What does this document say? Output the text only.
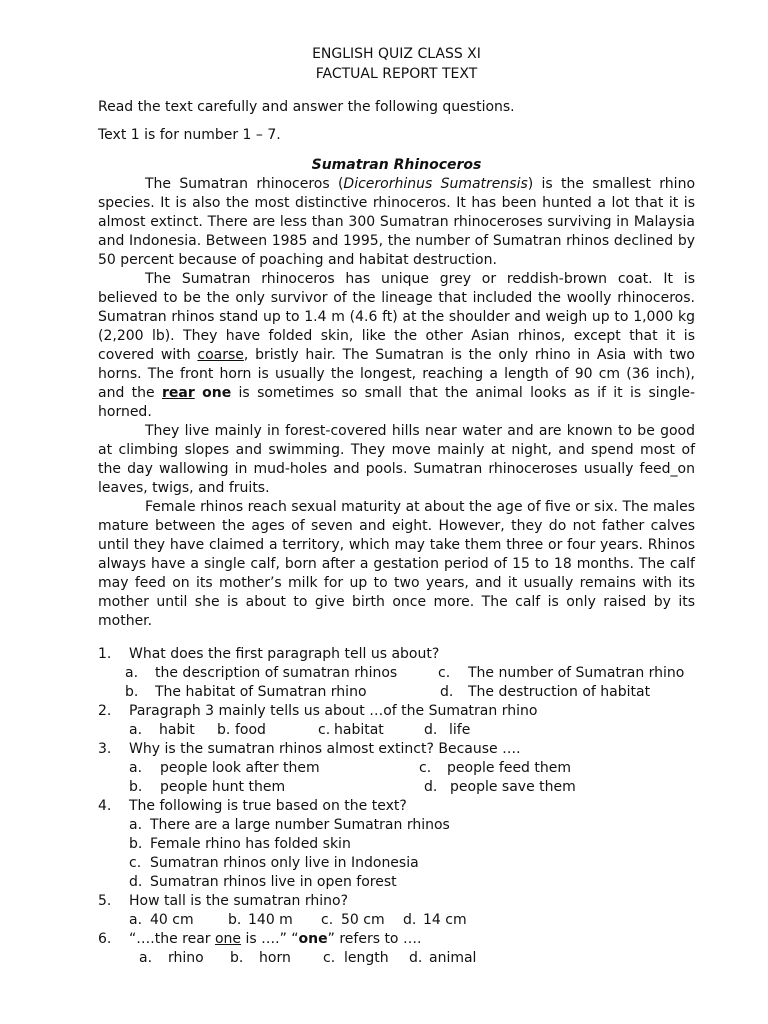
ENGLISH QUIZ CLASS XI
FACTUAL REPORT TEXT

Read the text carefully and answer the following questions.

Text 1 is for number 1 – 7.

Sumatran Rhinoceros

The Sumatran rhinoceros (Dicerorhinus Sumatrensis) is the smallest rhino species. It is also the most distinctive rhinoceros. It has been hunted a lot that it is almost extinct. There are less than 300 Sumatran rhinoceroses surviving in Malaysia and Indonesia. Between 1985 and 1995, the number of Sumatran rhinos declined by 50 percent because of poaching and habitat destruction.

The Sumatran rhinoceros has unique grey or reddish-brown coat. It is believed to be the only survivor of the lineage that included the woolly rhinoceros. Sumatran rhinos stand up to 1.4 m (4.6 ft) at the shoulder and weigh up to 1,000 kg (2,200 lb). They have folded skin, like the other Asian rhinos, except that it is covered with coarse, bristly hair. The Sumatran is the only rhino in Asia with two horns. The front horn is usually the longest, reaching a length of 90 cm (36 inch), and the rear one is sometimes so small that the animal looks as if it is single-horned.

They live mainly in forest-covered hills near water and are known to be good at climbing slopes and swimming. They move mainly at night, and spend most of the day wallowing in mud-holes and pools. Sumatran rhinoceroses usually feed_on leaves, twigs, and fruits.

Female rhinos reach sexual maturity at about the age of five or six. The males mature between the ages of seven and eight. However, they do not father calves until they have claimed a territory, which may take them three or four years. Rhinos always have a single calf, born after a gestation period of 15 to 18 months. The calf may feed on its mother’s milk for up to two years, and it usually remains with its mother until she is about to give birth once more. The calf is only raised by its mother.

1. What does the first paragraph tell us about?
a. the description of sumatran rhinos	c. The number of Sumatran rhino
b. The habitat of Sumatran rhino	d. The destruction of habitat
2. Paragraph 3 mainly tells us about …of the Sumatran rhino
a. habit b. food	c. habitat	d. life
3. Why is the sumatran rhinos almost extinct? Because ….
a. people look after them	c. people feed them
b. people hunt them	d. people save them
4. The following is true based on the text?
a. There are a large number Sumatran rhinos
b. Female rhino has folded skin
c. Sumatran rhinos only live in Indonesia
d. Sumatran rhinos live in open forest
5. How tall is the sumatran rhino?
a. 40 cm b. 140 m c. 50 cm d. 14 cm
6. “….the rear one is ….” “one” refers to ….
a. rhino b. horn c. length d. animal
